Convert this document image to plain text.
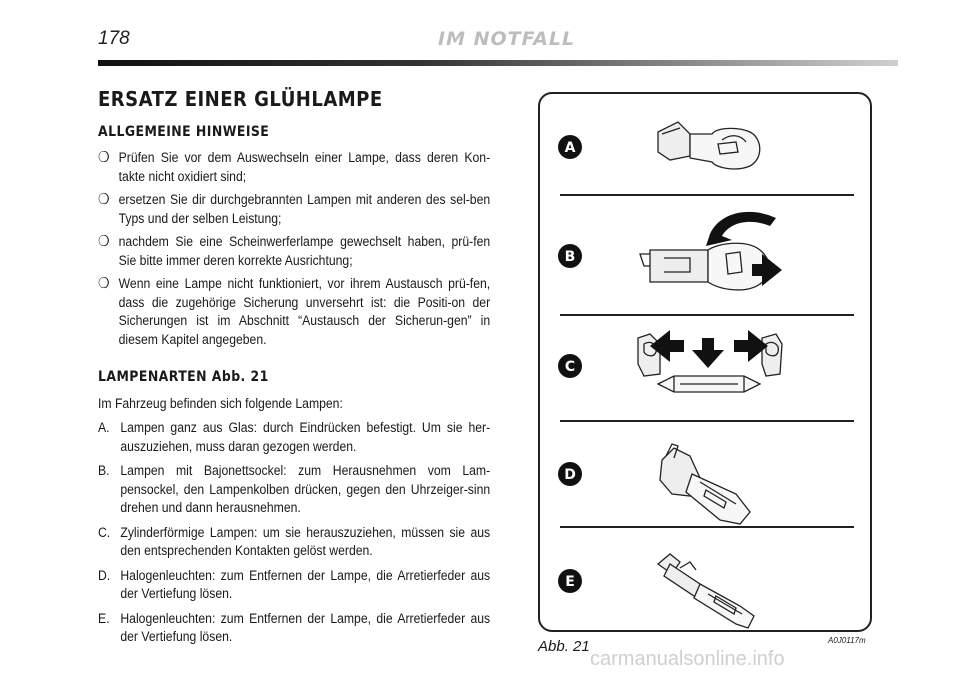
178	IM NOTFALL
ERSATZ EINER GLÜHLAMPE
ALLGEMEINE HINWEISE
❍ Prüfen Sie vor dem Auswechseln einer Lampe, dass deren Kon-takte nicht oxidiert sind;
❍ ersetzen Sie dir durchgebrannten Lampen mit anderen des sel-ben Typs und der selben Leistung;
❍ nachdem Sie eine Scheinwerferlampe gewechselt haben, prü-fen Sie bitte immer deren korrekte Ausrichtung;
❍ Wenn eine Lampe nicht funktioniert, vor ihrem Austausch prü-fen, dass die zugehörige Sicherung unversehrt ist: die Positi-on der Sicherungen ist im Abschnitt “Austausch der Sicherun-gen” in diesem Kapitel angegeben.
LAMPENARTEN Abb. 21
Im Fahrzeug befinden sich folgende Lampen:
A. Lampen ganz aus Glas: durch Eindrücken befestigt. Um sie her-auszuziehen, muss daran gezogen werden.
B. Lampen mit Bajonettsockel: zum Herausnehmen vom Lam-pensockel, den Lampenkolben drücken, gegen den Uhrzeiger-sinn drehen und dann herausnehmen.
C. Zylinderförmige Lampen: um sie herauszuziehen, müssen sie aus den entsprechenden Kontakten gelöst werden.
D. Halogenleuchten: zum Entfernen der Lampe, die Arretierfeder aus der Vertiefung lösen.
E. Halogenleuchten: zum Entfernen der Lampe, die Arretierfeder aus der Vertiefung lösen.
A
B
C
D
E
Abb. 21	A0J0117m
carmanualsonline.info
